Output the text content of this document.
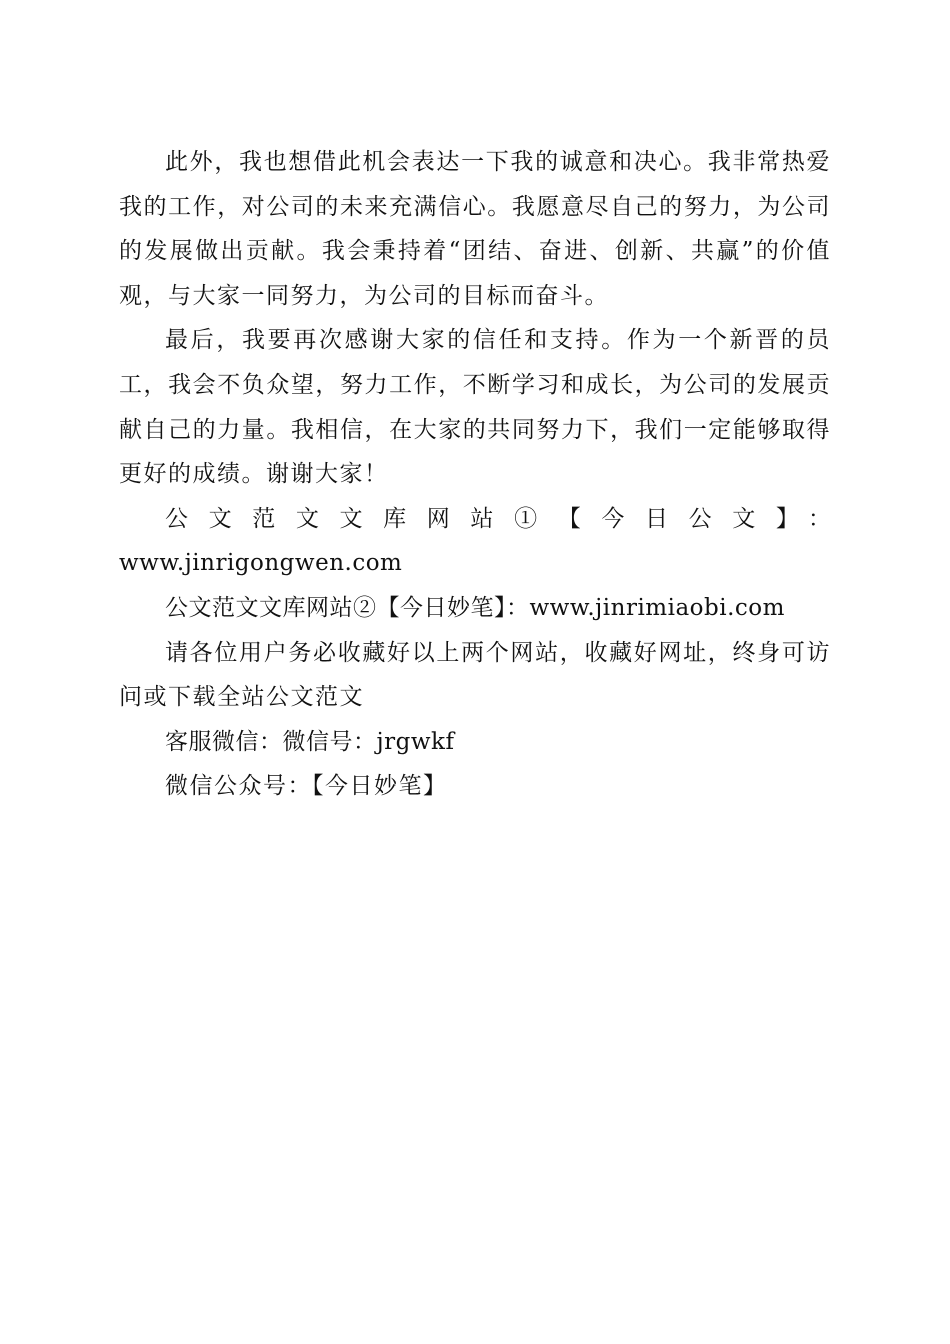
此外，我也想借此机会表达一下我的诚意和决心。我非常热爱我的工作，对公司的未来充满信心。我愿意尽自己的努力，为公司的发展做出贡献。我会秉持着“团结、奋进、创新、共赢”的价值观，与大家一同努力，为公司的目标而奋斗。

最后，我要再次感谢大家的信任和支持。作为一个新晋的员工，我会不负众望，努力工作，不断学习和成长，为公司的发展贡献自己的力量。我相信，在大家的共同努力下，我们一定能够取得更好的成绩。谢谢大家！

公文范文文库网站①【今日公文】：
www.jinrigongwen.com

公文范文文库网站②【今日妙笔】：www.jinrimiaobi.com

请各位用户务必收藏好以上两个网站，收藏好网址，终身可访问或下载全站公文范文

客服微信：微信号：jrgwkf

微信公众号：【今日妙笔】
